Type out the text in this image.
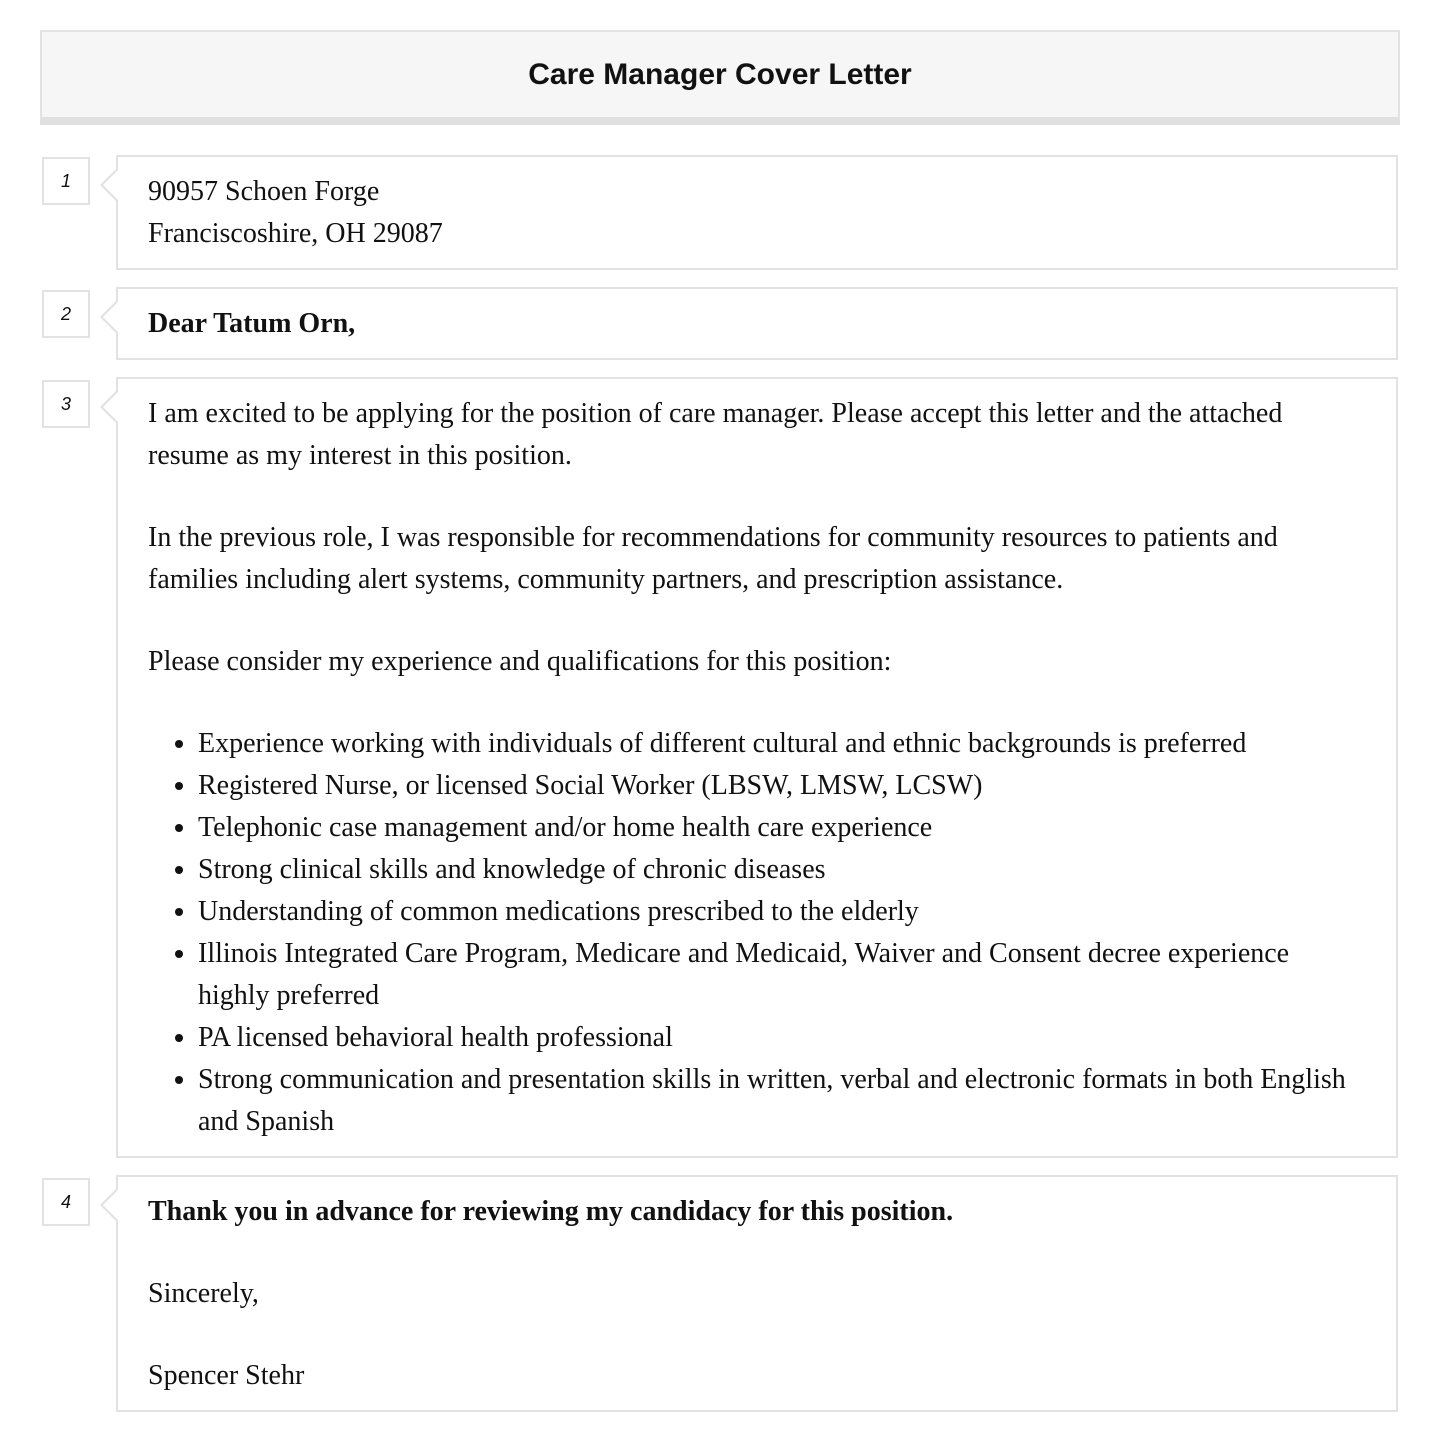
Care Manager Cover Letter
1	90957 Schoen Forge
Franciscoshire, OH 29087
2	Dear Tatum Orn,
3	I am excited to be applying for the position of care manager. Please accept this letter and the attached resume as my interest in this position.

In the previous role, I was responsible for recommendations for community resources to patients and families including alert systems, community partners, and prescription assistance.

Please consider my experience and qualifications for this position:

• Experience working with individuals of different cultural and ethnic backgrounds is preferred
• Registered Nurse, or licensed Social Worker (LBSW, LMSW, LCSW)
• Telephonic case management and/or home health care experience
• Strong clinical skills and knowledge of chronic diseases
• Understanding of common medications prescribed to the elderly
• Illinois Integrated Care Program, Medicare and Medicaid, Waiver and Consent decree experience highly preferred
• PA licensed behavioral health professional
• Strong communication and presentation skills in written, verbal and electronic formats in both English and Spanish
4	Thank you in advance for reviewing my candidacy for this position.
Sincerely,
Spencer Stehr
